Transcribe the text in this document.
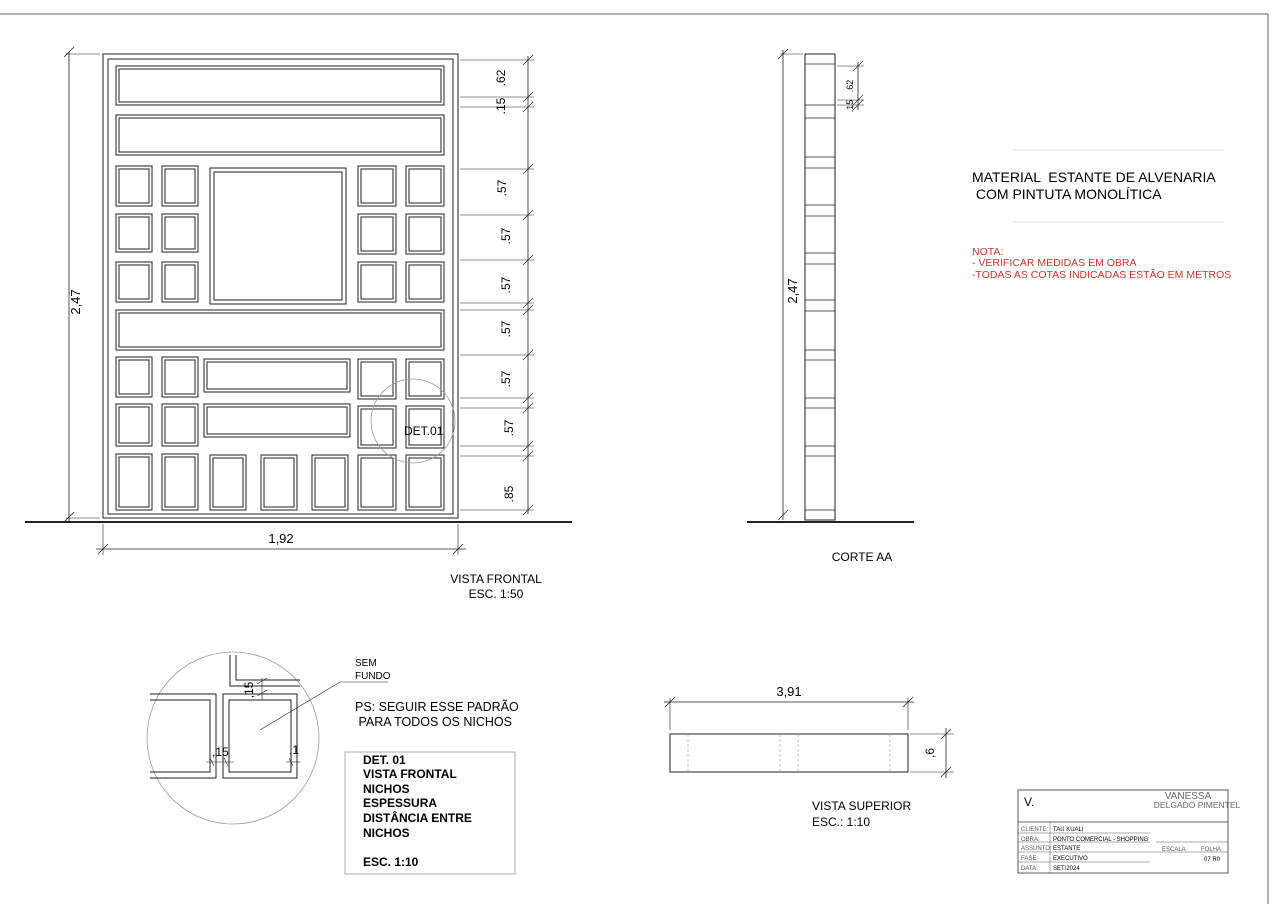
2,47
1,92
.62
.15
.57
.57
.57
.57
.57
.57
.85
DET.01
VISTA FRONTAL
ESC. 1:50
2,47
.62
.15
CORTE AA
MATERIAL  ESTANTE DE ALVENARIA
COM PINTUTA MONOLÍTICA
NOTA:
- VERIFICAR MEDIDAS EM OBRA
-TODAS AS COTAS INDICADAS ESTÃO EM METROS
SEM
FUNDO
,15
,15	,1
PS: SEGUIR ESSE PADRÃO
PARA TODOS OS NICHOS
DET. 01
VISTA FRONTAL
NICHOS
ESPESSURA
DISTÂNCIA ENTRE
NICHOS
ESC. 1:10
3,91
,6
VISTA SUPERIOR
ESC.: 1:10
V.	VANESSA
DELGADO PIMENTEL
CLIENTE: TAU KUALI
OBRA: PONTO COMERCIAL - SHOPPING
ASSUNTO: ESTANTE
FASE: EXECUTIVO
DATA:	SET/2024
ESCALA	FOLHA
07 R0
